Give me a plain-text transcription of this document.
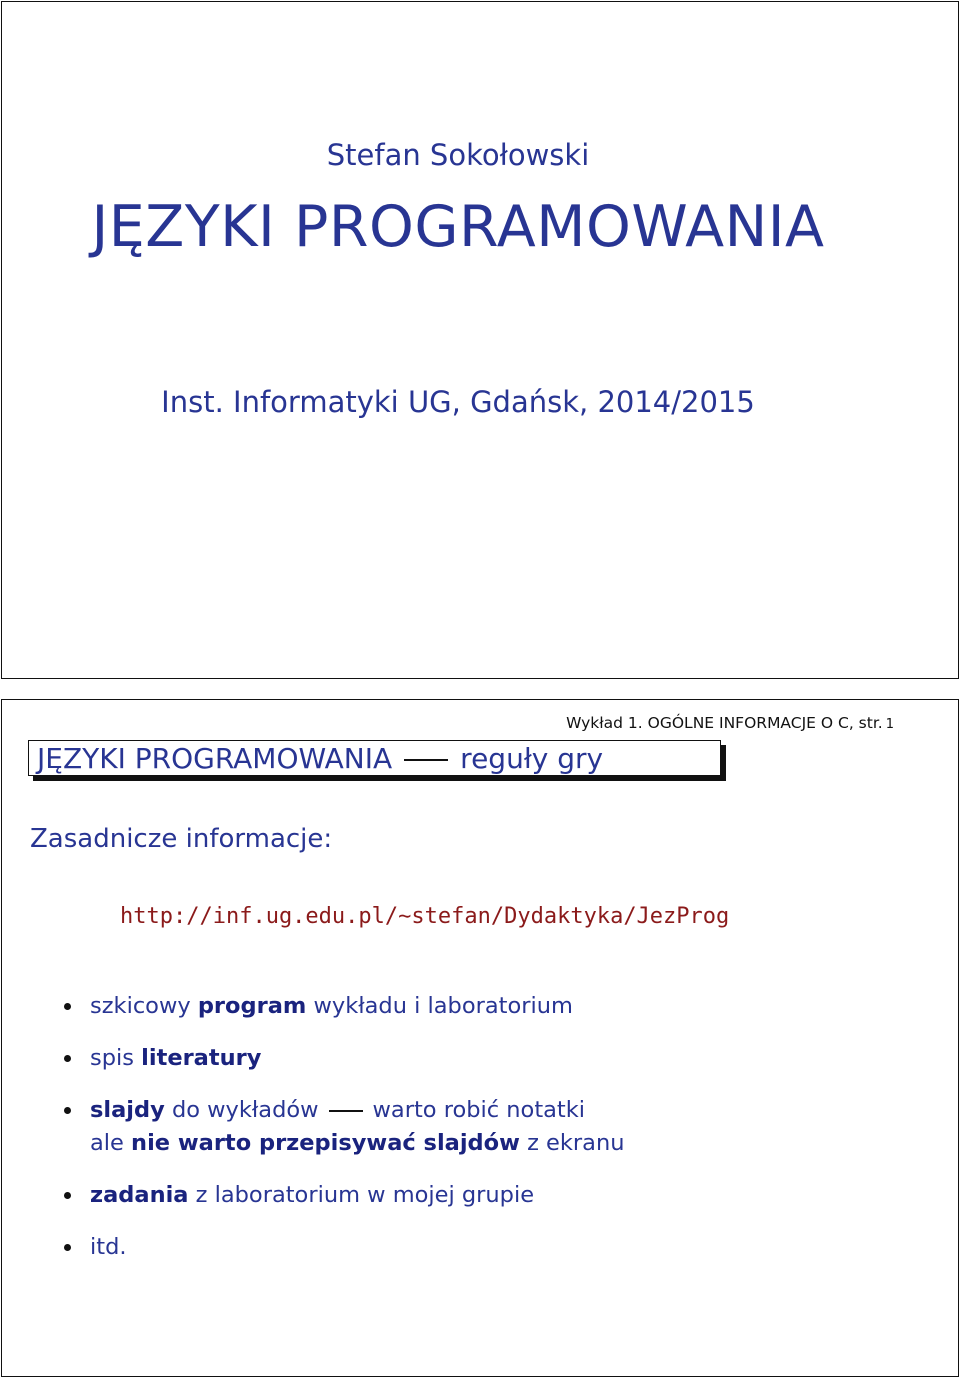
Stefan Sokołowski
JĘZYKI PROGRAMOWANIA
Inst. Informatyki UG, Gdańsk, 2014/2015
Wykład 1. OGÓLNE INFORMACJE O C, str. 1
JĘZYKI PROGRAMOWANIA reguły gry
Zasadnicze informacje:
http://inf.ug.edu.pl/∼stefan/Dydaktyka/JezProg
szkicowy program wykładu i laboratorium
spis literatury
slajdy do wykładów warto robić notatki
ale nie warto przepisywać slajdów z ekranu
zadania z laboratorium w mojej grupie
itd.
